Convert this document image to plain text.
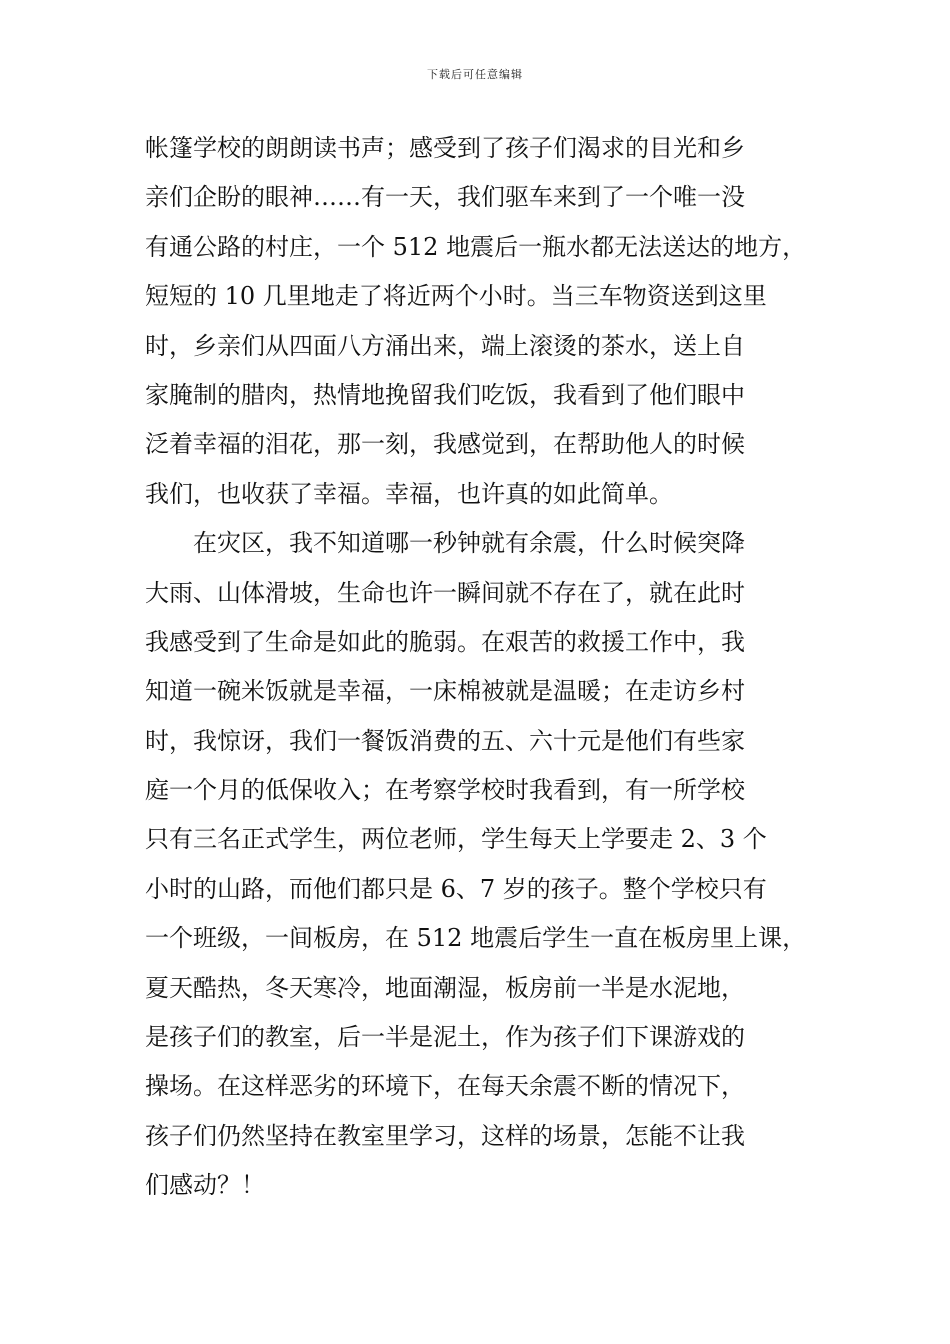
下载后可任意编辑
帐篷学校的朗朗读书声；感受到了孩子们渴求的目光和乡
亲们企盼的眼神……有一天，我们驱车来到了一个唯一没
有通公路的村庄，一个 512 地震后一瓶水都无法送达的地方，
短短的 10 几里地走了将近两个小时。当三车物资送到这里
时，乡亲们从四面八方涌出来，端上滚烫的茶水，送上自
家腌制的腊肉，热情地挽留我们吃饭，我看到了他们眼中
泛着幸福的泪花，那一刻，我感觉到，在帮助他人的时候
我们，也收获了幸福。幸福，也许真的如此简单。
　　在灾区，我不知道哪一秒钟就有余震，什么时候突降
大雨、山体滑坡，生命也许一瞬间就不存在了，就在此时
我感受到了生命是如此的脆弱。在艰苦的救援工作中，我
知道一碗米饭就是幸福，一床棉被就是温暖；在走访乡村
时，我惊讶，我们一餐饭消费的五、六十元是他们有些家
庭一个月的低保收入；在考察学校时我看到，有一所学校
只有三名正式学生，两位老师，学生每天上学要走 2、3 个
小时的山路，而他们都只是 6、7 岁的孩子。整个学校只有
一个班级，一间板房，在 512 地震后学生一直在板房里上课，
夏天酷热，冬天寒冷，地面潮湿，板房前一半是水泥地，
是孩子们的教室，后一半是泥土，作为孩子们下课游戏的
操场。在这样恶劣的环境下，在每天余震不断的情况下，
孩子们仍然坚持在教室里学习，这样的场景，怎能不让我
们感动？！
